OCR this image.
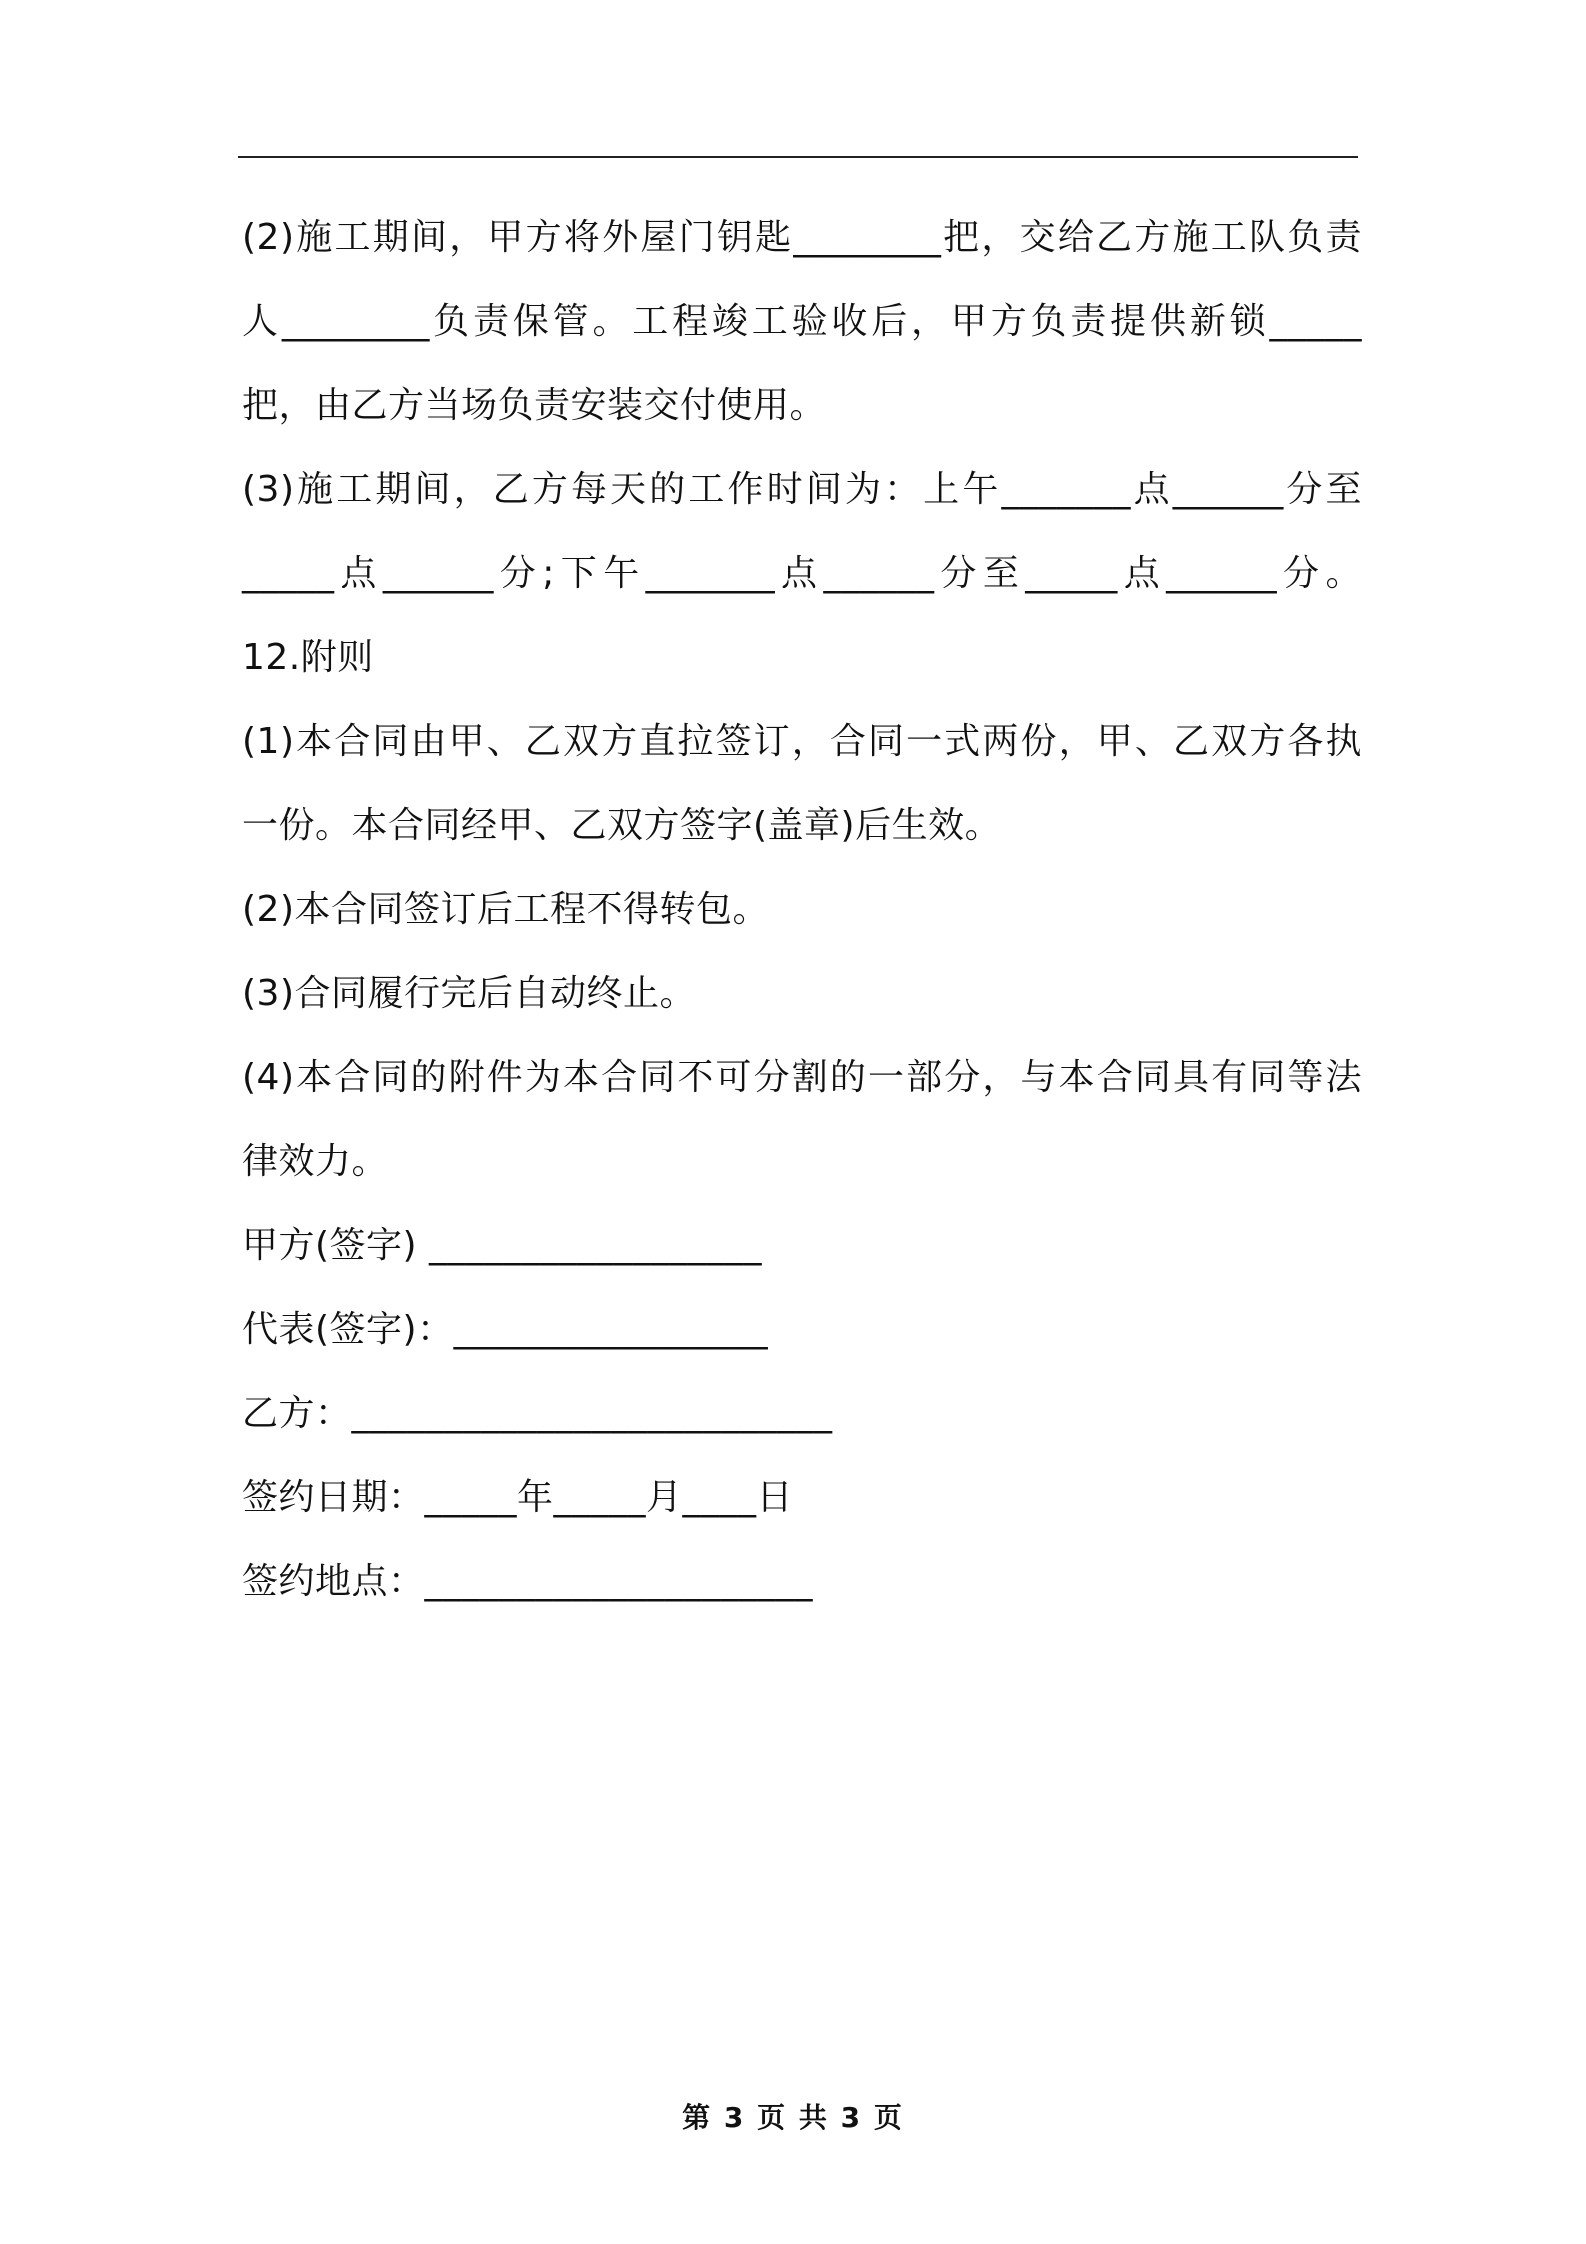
(2)施工期间，甲方将外屋门钥匙________把，交给乙方施工队负责
人________负责保管。工程竣工验收后，甲方负责提供新锁_____
把，由乙方当场负责安装交付使用。
(3)施工期间，乙方每天的工作时间为：上午_______点______分至
_____点______分;下午_______点______分至_____点______分。
12.附则
(1)本合同由甲、乙双方直拉签订，合同一式两份，甲、乙双方各执
一份。本合同经甲、乙双方签字(盖章)后生效。
(2)本合同签订后工程不得转包。
(3)合同履行完后自动终止。
(4)本合同的附件为本合同不可分割的一部分，与本合同具有同等法
律效力。
甲方(签字) __________________
代表(签字)：_________________
乙方：__________________________
签约日期：_____年_____月____日
签约地点：_____________________
第 3 页 共 3 页
